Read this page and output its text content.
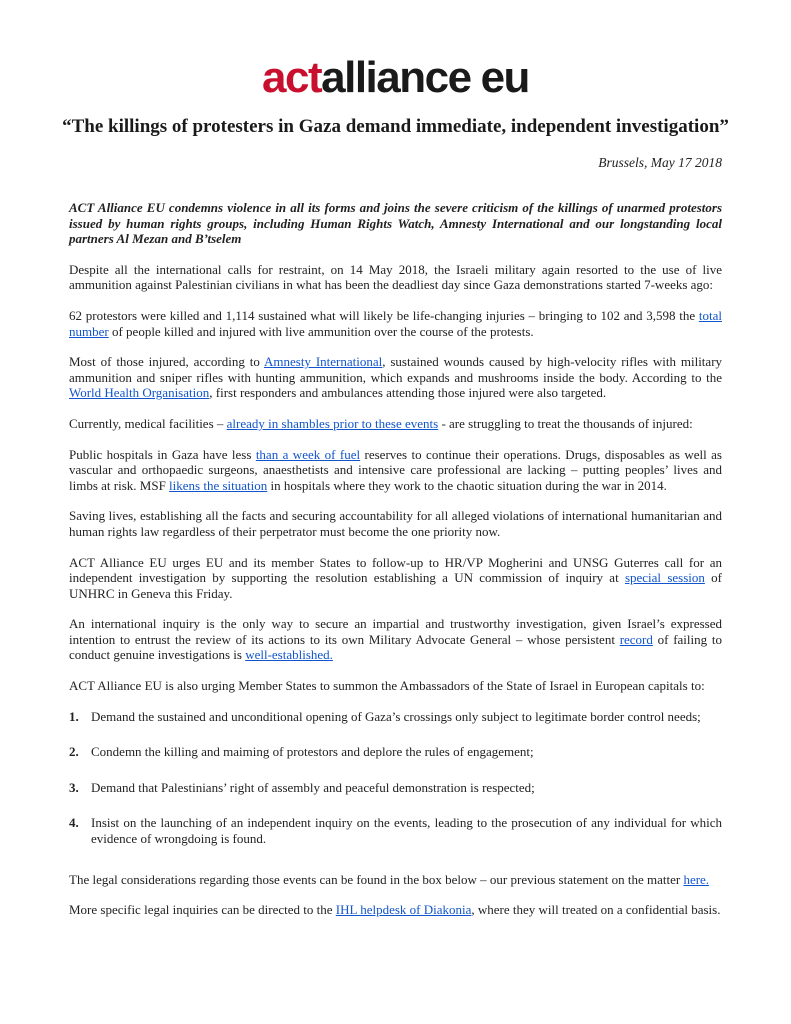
actalliance eu
“The killings of protesters in Gaza demand immediate, independent investigation”
Brussels, May 17 2018

ACT Alliance EU condemns violence in all its forms and joins the severe criticism of the killings of unarmed protestors issued by human rights groups, including Human Rights Watch, Amnesty International and our longstanding local partners Al Mezan and B’tselem

Despite all the international calls for restraint, on 14 May 2018, the Israeli military again resorted to the use of live ammunition against Palestinian civilians in what has been the deadliest day since Gaza demonstrations started 7-weeks ago:

62 protestors were killed and 1,114 sustained what will likely be life-changing injuries – bringing to 102 and 3,598 the total number of people killed and injured with live ammunition over the course of the protests.

Most of those injured, according to Amnesty International, sustained wounds caused by high-velocity rifles with military ammunition and sniper rifles with hunting ammunition, which expands and mushrooms inside the body. According to the World Health Organisation, first responders and ambulances attending those injured were also targeted.

Currently, medical facilities – already in shambles prior to these events - are struggling to treat the thousands of injured:

Public hospitals in Gaza have less than a week of fuel reserves to continue their operations. Drugs, disposables as well as vascular and orthopaedic surgeons, anaesthetists and intensive care professional are lacking – putting peoples’ lives and limbs at risk. MSF likens the situation in hospitals where they work to the chaotic situation during the war in 2014.

Saving lives, establishing all the facts and securing accountability for all alleged violations of international humanitarian and human rights law regardless of their perpetrator must become the one priority now.

ACT Alliance EU urges EU and its member States to follow-up to HR/VP Mogherini and UNSG Guterres call for an independent investigation by supporting the resolution establishing a UN commission of inquiry at special session of UNHRC in Geneva this Friday.

An international inquiry is the only way to secure an impartial and trustworthy investigation, given Israel’s expressed intention to entrust the review of its actions to its own Military Advocate General – whose persistent record of failing to conduct genuine investigations is well-established.

ACT Alliance EU is also urging Member States to summon the Ambassadors of the State of Israel in European capitals to:

1. Demand the sustained and unconditional opening of Gaza’s crossings only subject to legitimate border control needs;
2. Condemn the killing and maiming of protestors and deplore the rules of engagement;
3. Demand that Palestinians’ right of assembly and peaceful demonstration is respected;
4. Insist on the launching of an independent inquiry on the events, leading to the prosecution of any individual for which evidence of wrongdoing is found.

The legal considerations regarding those events can be found in the box below – our previous statement on the matter here.

More specific legal inquiries can be directed to the IHL helpdesk of Diakonia, where they will treated on a confidential basis.
